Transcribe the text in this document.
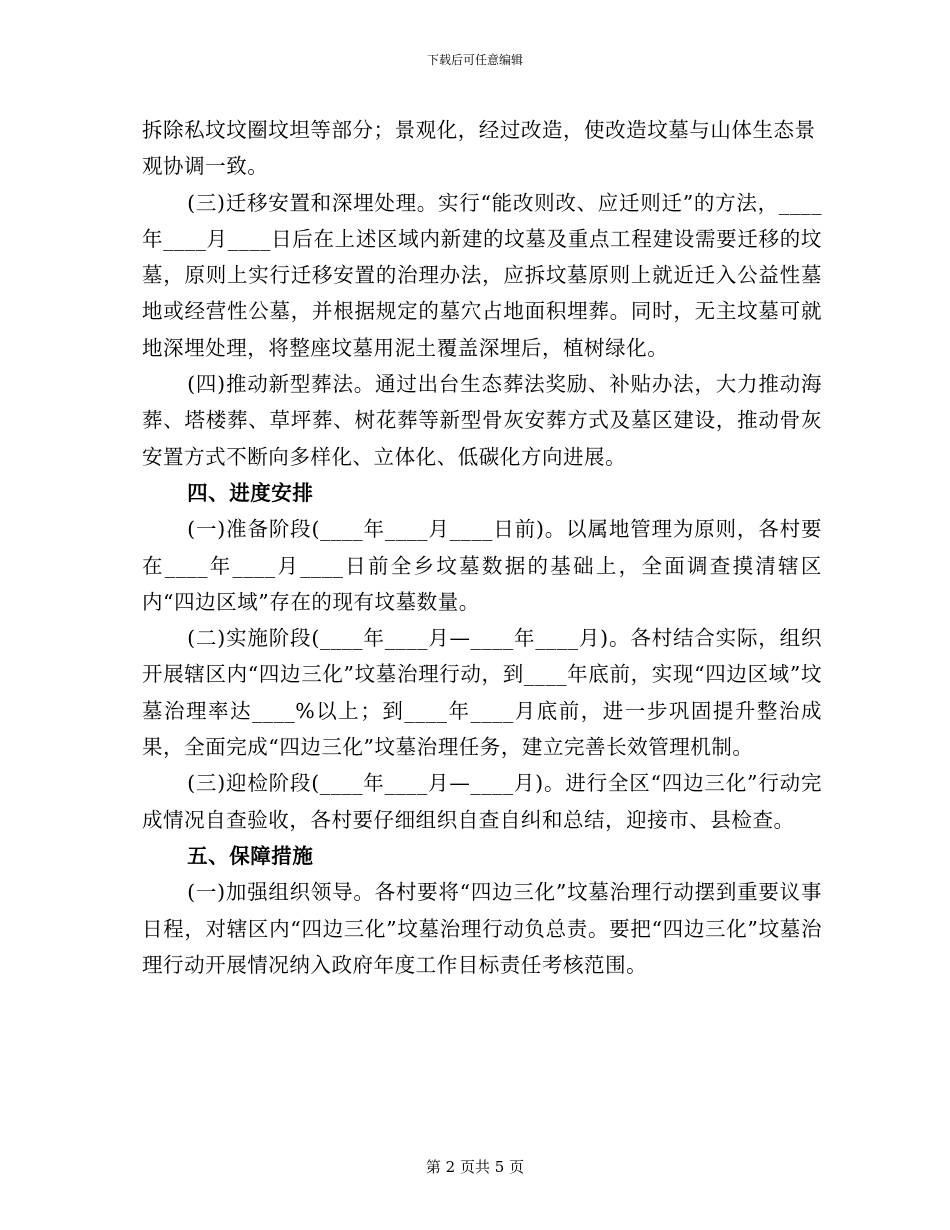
下载后可任意编辑

拆除私坟坟圈坟坦等部分；景观化，经过改造，使改造坟墓与山体生态景观协调一致。

(三)迁移安置和深埋处理。实行“能改则改、应迁则迁”的方法，____年____月____日后在上述区域内新建的坟墓及重点工程建设需要迁移的坟墓，原则上实行迁移安置的治理办法，应拆坟墓原则上就近迁入公益性墓地或经营性公墓，并根据规定的墓穴占地面积埋葬。同时，无主坟墓可就地深埋处理，将整座坟墓用泥土覆盖深埋后，植树绿化。

(四)推动新型葬法。通过出台生态葬法奖励、补贴办法，大力推动海葬、塔楼葬、草坪葬、树花葬等新型骨灰安葬方式及墓区建设，推动骨灰安置方式不断向多样化、立体化、低碳化方向进展。

四、进度安排

(一)准备阶段(____年____月____日前)。以属地管理为原则，各村要在____年____月____日前全乡坟墓数据的基础上，全面调查摸清辖区内“四边区域”存在的现有坟墓数量。

(二)实施阶段(____年____月—____年____月)。各村结合实际，组织开展辖区内“四边三化”坟墓治理行动，到____年底前，实现“四边区域”坟墓治理率达____%以上；到____年____月底前，进一步巩固提升整治成果，全面完成“四边三化”坟墓治理任务，建立完善长效管理机制。

(三)迎检阶段(____年____月—____月)。进行全区“四边三化”行动完成情况自查验收，各村要仔细组织自查自纠和总结，迎接市、县检查。

五、保障措施

(一)加强组织领导。各村要将“四边三化”坟墓治理行动摆到重要议事日程，对辖区内“四边三化”坟墓治理行动负总责。要把“四边三化”坟墓治理行动开展情况纳入政府年度工作目标责任考核范围。

第 2 页共 5 页
